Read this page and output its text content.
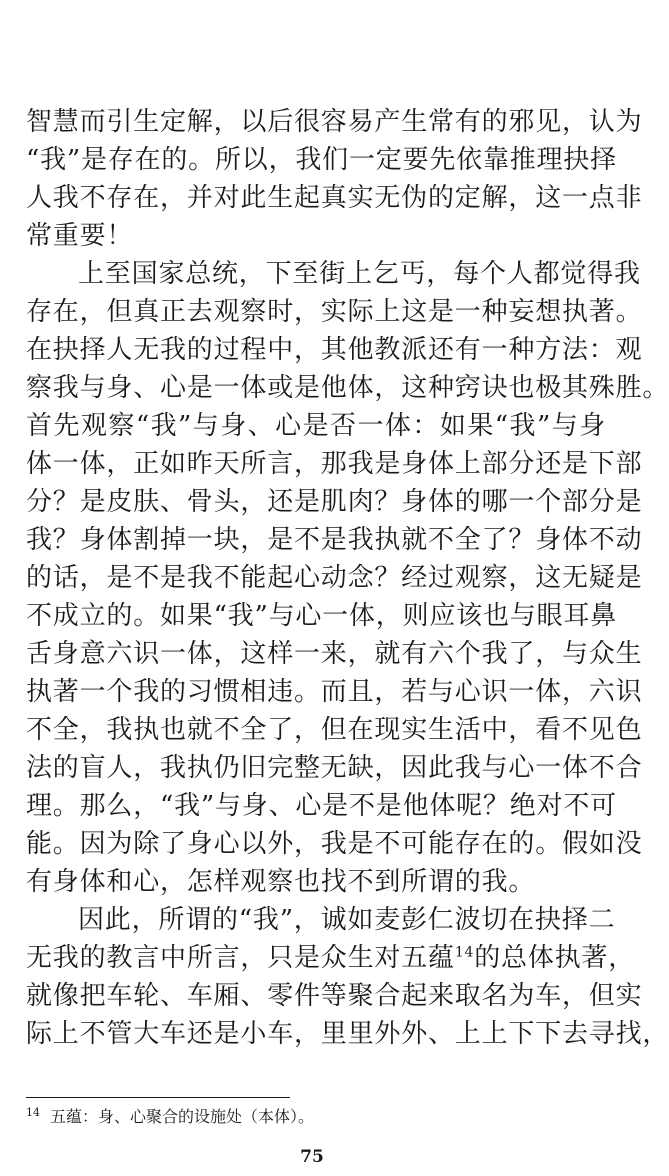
智慧而引生定解，以后很容易产生常有的邪见，认为
“我”是存在的。所以，我们一定要先依靠推理抉择
人我不存在，并对此生起真实无伪的定解，这一点非
常重要！
上至国家总统，下至街上乞丐，每个人都觉得我
存在，但真正去观察时，实际上这是一种妄想执著。
在抉择人无我的过程中，其他教派还有一种方法：观
察我与身、心是一体或是他体，这种窍诀也极其殊胜。
首先观察“我”与身、心是否一体：如果“我”与身
体一体，正如昨天所言，那我是身体上部分还是下部
分？是皮肤、骨头，还是肌肉？身体的哪一个部分是
我？身体割掉一块，是不是我执就不全了？身体不动
的话，是不是我不能起心动念？经过观察，这无疑是
不成立的。如果“我”与心一体，则应该也与眼耳鼻
舌身意六识一体，这样一来，就有六个我了，与众生
执著一个我的习惯相违。而且，若与心识一体，六识
不全，我执也就不全了，但在现实生活中，看不见色
法的盲人，我执仍旧完整无缺，因此我与心一体不合
理。那么，“我”与身、心是不是他体呢？绝对不可
能。因为除了身心以外，我是不可能存在的。假如没
有身体和心，怎样观察也找不到所谓的我。
因此，所谓的“我”，诚如麦彭仁波切在抉择二
无我的教言中所言，只是众生对五蕴$^{14}$的总体执著，
就像把车轮、车厢、零件等聚合起来取名为车，但实
际上不管大车还是小车，里里外外、上上下下去寻找，
$^{14}$ 五蕴：身、心聚合的设施处（本体）。
75
